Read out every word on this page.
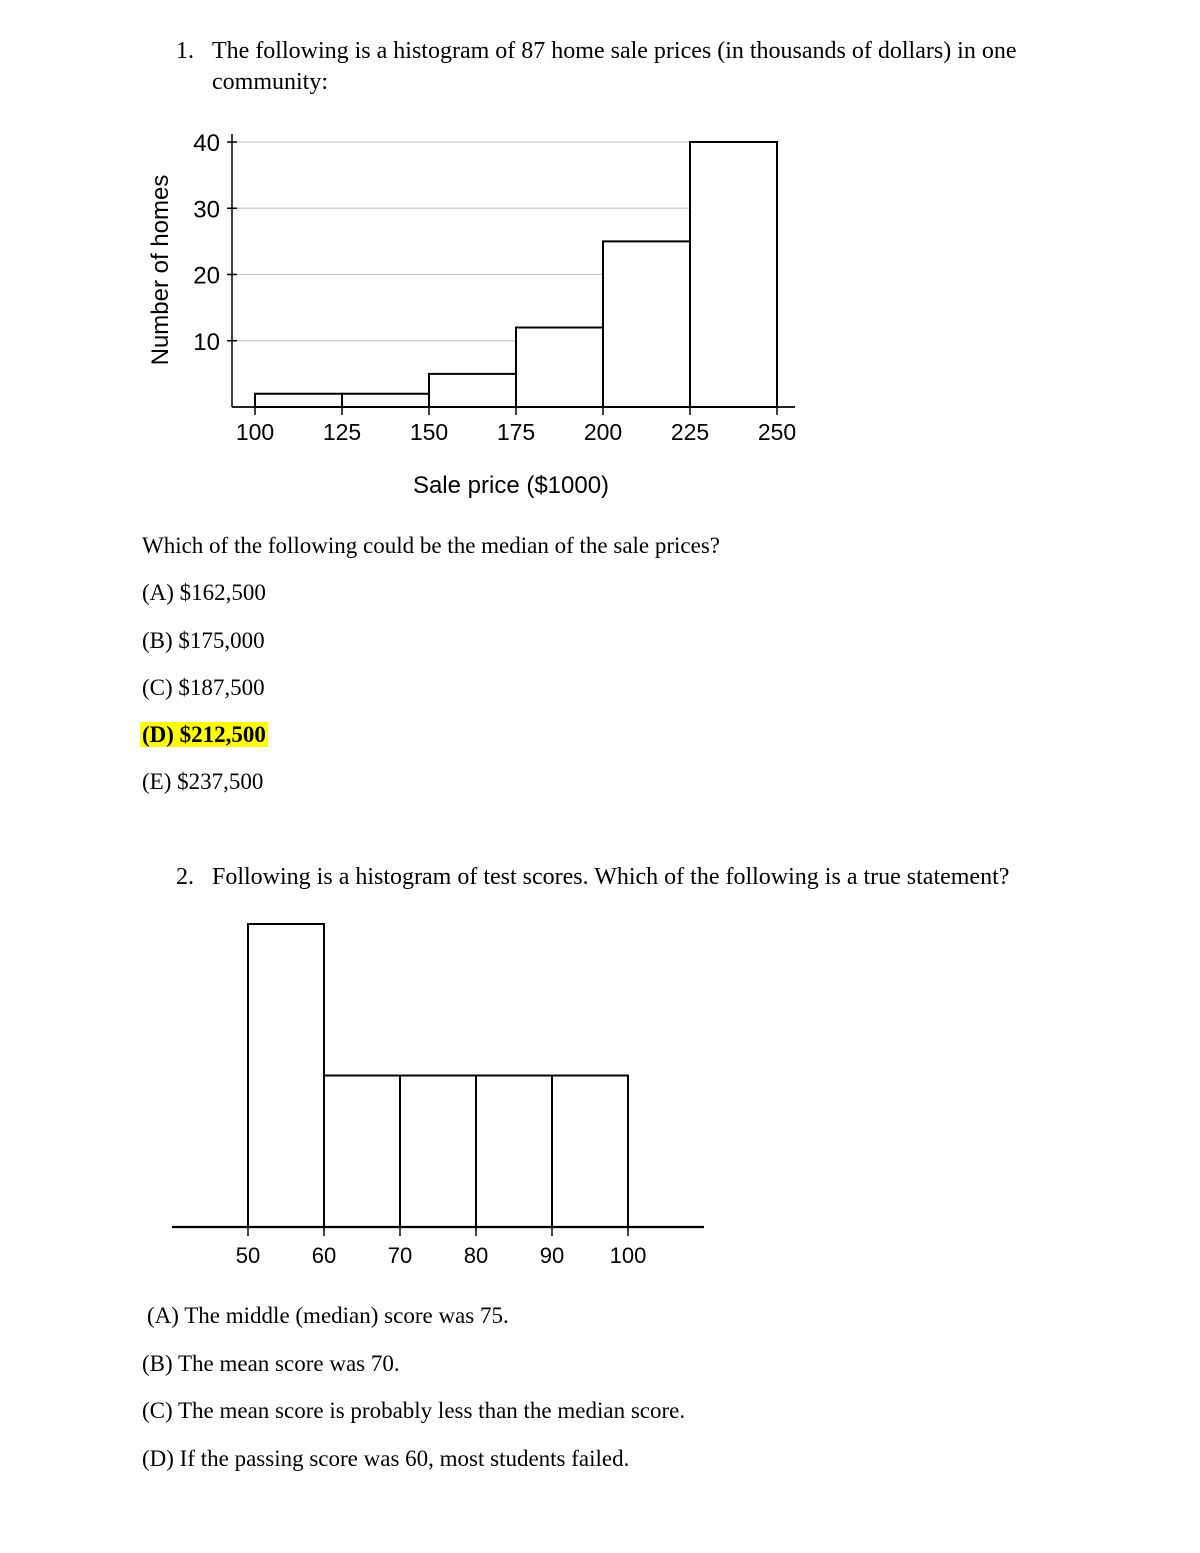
1. The following is a histogram of 87 home sale prices (in thousands of dollars) in one
community:
10
20
30
40
100 125 150 175 200 225 250
Sale price ($1000)
Number of homes
Which of the following could be the median of the sale prices?
(A) $162,500
(B) $175,000
(C) $187,500
(D) $212,500
(E) $237,500
2. Following is a histogram of test scores. Which of the following is a true statement?
50 60 70 80 90 100
(A) The middle (median) score was 75.
(B) The mean score was 70.
(C) The mean score is probably less than the median score.
(D) If the passing score was 60, most students failed.
